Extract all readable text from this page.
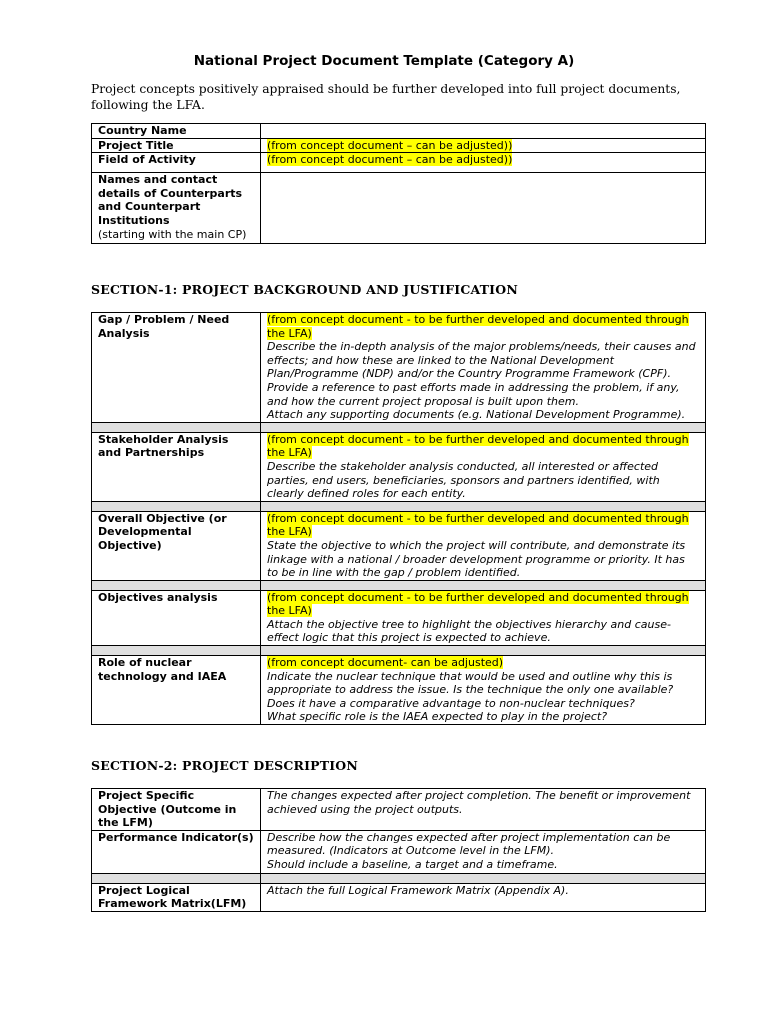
National Project Document Template (Category A)
Project concepts positively appraised should be further developed into full project documents, following the LFA.
Country Name	
Project Title	(from concept document – can be adjusted))
Field of Activity	(from concept document – can be adjusted))
Names and contact details of Counterparts and Counterpart Institutions
(starting with the main CP)	
SECTION-1: PROJECT BACKGROUND AND JUSTIFICATION
Gap / Problem / Need Analysis	(from concept document - to be further developed and documented through the LFA)
Describe the in-depth analysis of the major problems/needs, their causes and effects; and how these are linked to the National Development Plan/Programme (NDP) and/or the Country Programme Framework (CPF). Provide a reference to past efforts made in addressing the problem, if any, and how the current project proposal is built upon them.
Attach any supporting documents (e.g. National Development Programme).

Stakeholder Analysis and Partnerships	(from concept document - to be further developed and documented through the LFA)
Describe the stakeholder analysis conducted, all interested or affected parties, end users, beneficiaries, sponsors and partners identified, with clearly defined roles for each entity.

Overall Objective (or Developmental Objective)	(from concept document - to be further developed and documented through the LFA)
State the objective to which the project will contribute, and demonstrate its linkage with a national / broader development programme or priority. It has to be in line with the gap / problem identified.

Objectives analysis	(from concept document - to be further developed and documented through the LFA)
Attach the objective tree to highlight the objectives hierarchy and cause-effect logic that this project is expected to achieve.

Role of nuclear technology and IAEA	(from concept document- can be adjusted)
Indicate the nuclear technique that would be used and outline why this is appropriate to address the issue. Is the technique the only one available? Does it have a comparative advantage to non-nuclear techniques?
What specific role is the IAEA expected to play in the project?
SECTION-2: PROJECT DESCRIPTION
Project Specific Objective (Outcome in the LFM)	The changes expected after project completion. The benefit or improvement achieved using the project outputs.
Performance Indicator(s)	Describe how the changes expected after project implementation can be measured. (Indicators at Outcome level in the LFM).
Should include a baseline, a target and a timeframe.

Project Logical Framework Matrix(LFM)	Attach the full Logical Framework Matrix (Appendix A).
